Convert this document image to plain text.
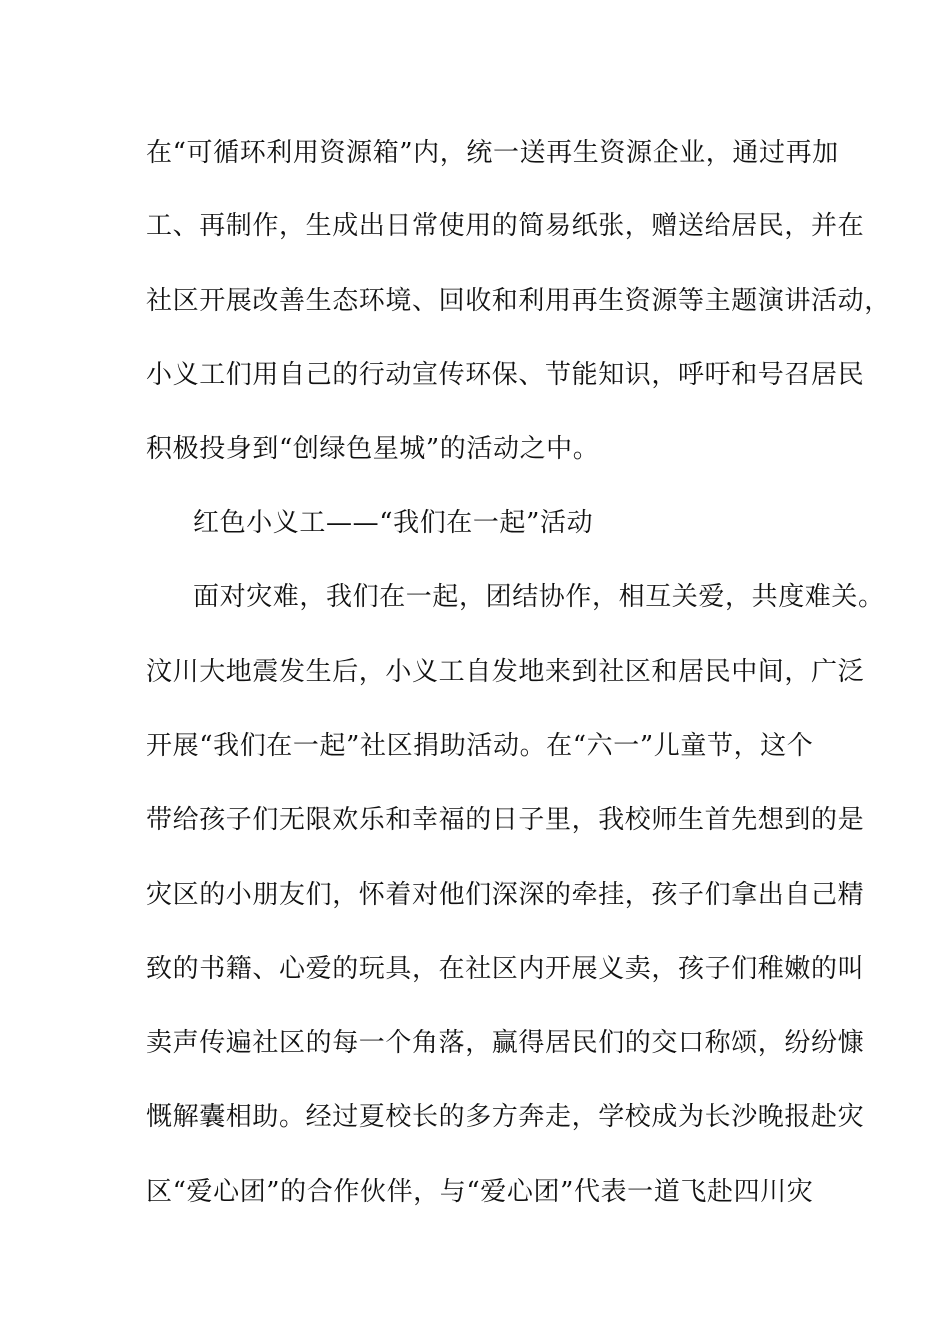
在“可循环利用资源箱”内，统一送再生资源企业，通过再加
工、再制作，生成出日常使用的简易纸张，赠送给居民，并在
社区开展改善生态环境、回收和利用再生资源等主题演讲活动，
小义工们用自己的行动宣传环保、节能知识，呼吁和号召居民
积极投身到“创绿色星城”的活动之中。
红色小义工——“我们在一起”活动
面对灾难，我们在一起，团结协作，相互关爱，共度难关。
汶川大地震发生后，小义工自发地来到社区和居民中间，广泛
开展“我们在一起”社区捐助活动。在“六一”儿童节，这个
带给孩子们无限欢乐和幸福的日子里，我校师生首先想到的是
灾区的小朋友们，怀着对他们深深的牵挂，孩子们拿出自己精
致的书籍、心爱的玩具，在社区内开展义卖，孩子们稚嫩的叫
卖声传遍社区的每一个角落，赢得居民们的交口称颂，纷纷慷
慨解囊相助。经过夏校长的多方奔走，学校成为长沙晚报赴灾
区“爱心团”的合作伙伴，与“爱心团”代表一道飞赴四川灾
